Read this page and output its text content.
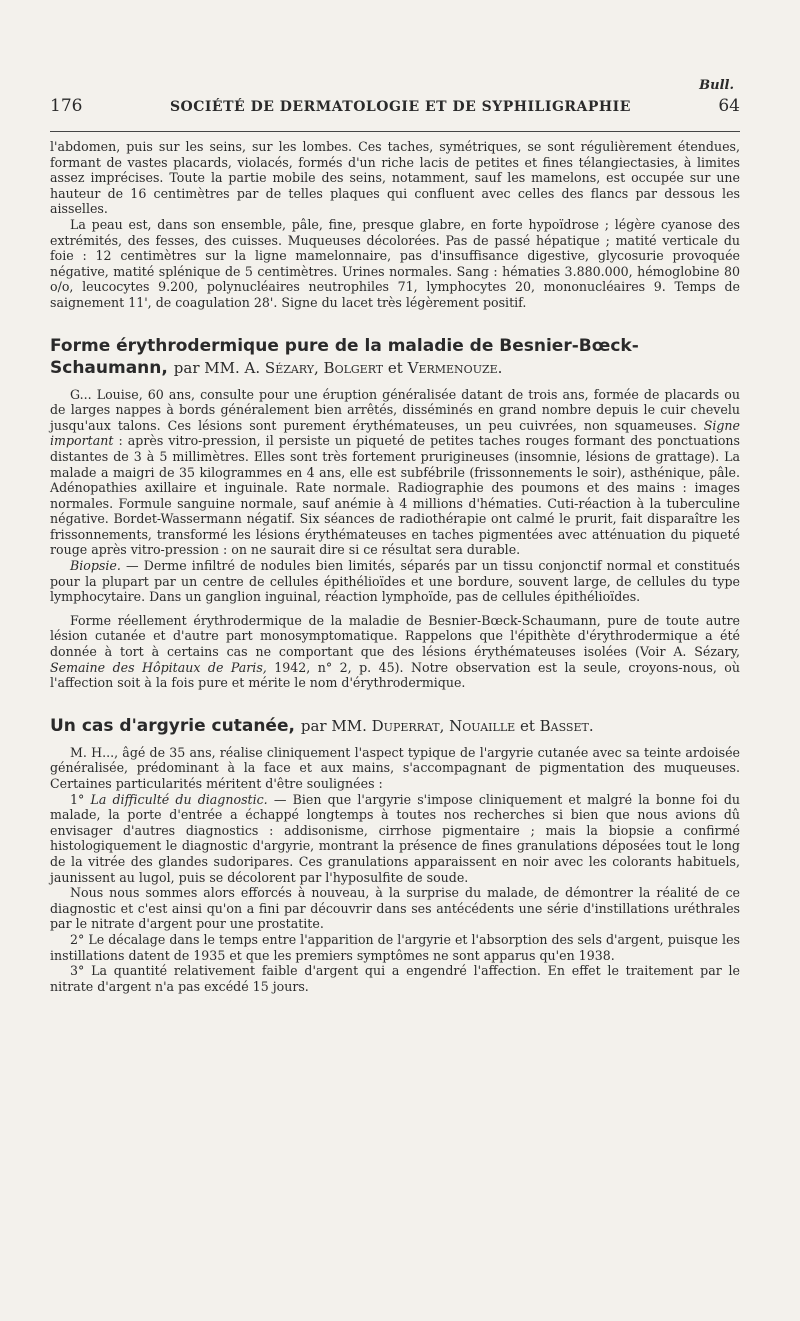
Bull.
176	SOCIÉTÉ DE DERMATOLOGIE ET DE SYPHILIGRAPHIE	64

l'abdomen, puis sur les seins, sur les lombes. Ces taches, symétriques, se sont régulièrement étendues, formant de vastes placards, violacés, formés d'un riche lacis de petites et fines télangiectasies, à limites assez imprécises. Toute la partie mobile des seins, notamment, sauf les mamelons, est occupée sur une hauteur de 16 centimètres par de telles plaques qui confluent avec celles des flancs par dessous les aisselles.

La peau est, dans son ensemble, pâle, fine, presque glabre, en forte hypoïdrose ; légère cyanose des extrémités, des fesses, des cuisses. Muqueuses décolorées. Pas de passé hépatique ; matité verticale du foie : 12 centimètres sur la ligne mamelonnaire, pas d'insuffisance digestive, glycosurie provoquée négative, matité splénique de 5 centimètres. Urines normales. Sang : hématies 3.880.000, hémoglobine 80 o/o, leucocytes 9.200, polynucléaires neutrophiles 71, lymphocytes 20, mononucléaires 9. Temps de saignement 11', de coagulation 28'. Signe du lacet très légèrement positif.

Forme érythrodermique pure de la maladie de Besnier-Bœck-Schaumann, par MM. A. Sézary, Bolgert et Vermenouze.

G... Louise, 60 ans, consulte pour une éruption généralisée datant de trois ans, formée de placards ou de larges nappes à bords généralement bien arrêtés, disséminés en grand nombre depuis le cuir chevelu jusqu'aux talons. Ces lésions sont purement érythémateuses, un peu cuivrées, non squameuses. Signe important : après vitro-pression, il persiste un piqueté de petites taches rouges formant des ponctuations distantes de 3 à 5 millimètres. Elles sont très fortement prurigineuses (insomnie, lésions de grattage). La malade a maigri de 35 kilogrammes en 4 ans, elle est subfébrile (frissonnements le soir), asthénique, pâle. Adénopathies axillaire et inguinale. Rate normale. Radiographie des poumons et des mains : images normales. Formule sanguine normale, sauf anémie à 4 millions d'hématies. Cuti-réaction à la tuberculine négative. Bordet-Wassermann négatif. Six séances de radiothérapie ont calmé le prurit, fait disparaître les frissonnements, transformé les lésions érythémateuses en taches pigmentées avec atténuation du piqueté rouge après vitro-pression : on ne saurait dire si ce résultat sera durable.

Biopsie. — Derme infiltré de nodules bien limités, séparés par un tissu conjonctif normal et constitués pour la plupart par un centre de cellules épithélioïdes et une bordure, souvent large, de cellules du type lymphocytaire. Dans un ganglion inguinal, réaction lymphoïde, pas de cellules épithélioïdes.

Forme réellement érythrodermique de la maladie de Besnier-Bœck-Schaumann, pure de toute autre lésion cutanée et d'autre part monosymptomatique. Rappelons que l'épithète d'érythrodermique a été donnée à tort à certains cas ne comportant que des lésions érythémateuses isolées (Voir A. Sézary, Semaine des Hôpitaux de Paris, 1942, n° 2, p. 45). Notre observation est la seule, croyons-nous, où l'affection soit à la fois pure et mérite le nom d'érythrodermique.

Un cas d'argyrie cutanée, par MM. Duperrat, Nouaille et Basset.

M. H..., âgé de 35 ans, réalise cliniquement l'aspect typique de l'argyrie cutanée avec sa teinte ardoisée généralisée, prédominant à la face et aux mains, s'accompagnant de pigmentation des muqueuses. Certaines particularités méritent d'être soulignées :

1° La difficulté du diagnostic. — Bien que l'argyrie s'impose cliniquement et malgré la bonne foi du malade, la porte d'entrée a échappé longtemps à toutes nos recherches si bien que nous avions dû envisager d'autres diagnostics : addisonisme, cirrhose pigmentaire ; mais la biopsie a confirmé histologiquement le diagnostic d'argyrie, montrant la présence de fines granulations déposées tout le long de la vitrée des glandes sudoripares. Ces granulations apparaissent en noir avec les colorants habituels, jaunissent au lugol, puis se décolorent par l'hyposulfite de soude.

Nous nous sommes alors efforcés à nouveau, à la surprise du malade, de démontrer la réalité de ce diagnostic et c'est ainsi qu'on a fini par découvrir dans ses antécédents une série d'instillations uréthrales par le nitrate d'argent pour une prostatite.

2° Le décalage dans le temps entre l'apparition de l'argyrie et l'absorption des sels d'argent, puisque les instillations datent de 1935 et que les premiers symptômes ne sont apparus qu'en 1938.

3° La quantité relativement faible d'argent qui a engendré l'affection. En effet le traitement par le nitrate d'argent n'a pas excédé 15 jours.
